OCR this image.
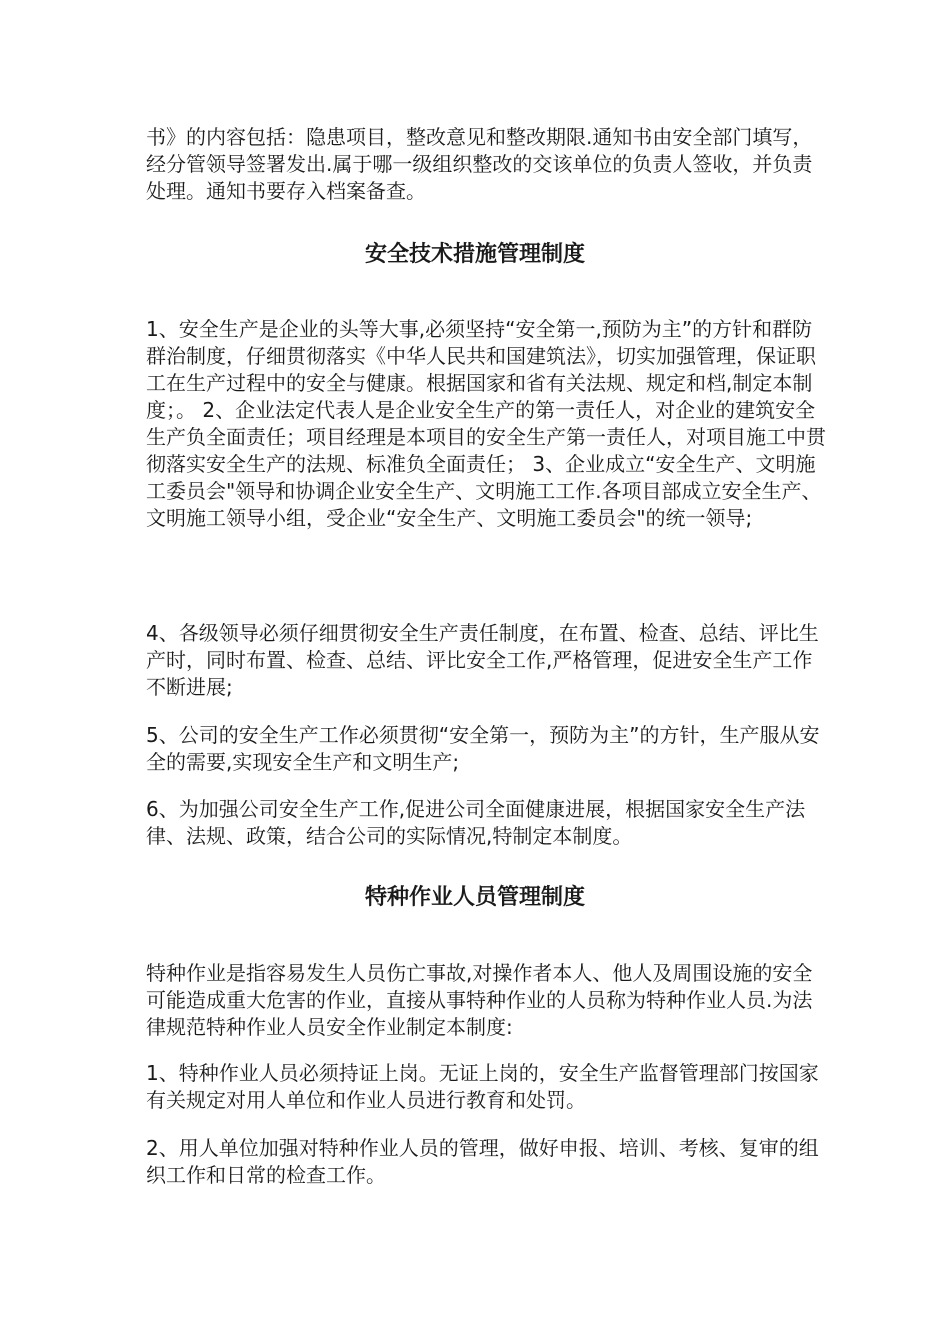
书》的内容包括：隐患项目，整改意见和整改期限.通知书由安全部门填写，经分管领导签署发出.属于哪一级组织整改的交该单位的负责人签收，并负责处理。通知书要存入档案备查。

安全技术措施管理制度

1、安全生产是企业的头等大事,必须坚持“安全第一,预防为主”的方针和群防群治制度，仔细贯彻落实《中华人民共和国建筑法》，切实加强管理，保证职工在生产过程中的安全与健康。根据国家和省有关法规、规定和档,制定本制度；。 2、企业法定代表人是企业安全生产的第一责任人，对企业的建筑安全生产负全面责任；项目经理是本项目的安全生产第一责任人，对项目施工中贯彻落实安全生产的法规、标准负全面责任； 3、企业成立“安全生产、文明施工委员会"领导和协调企业安全生产、文明施工工作.各项目部成立安全生产、文明施工领导小组，受企业“安全生产、文明施工委员会"的统一领导;

4、各级领导必须仔细贯彻安全生产责任制度，在布置、检查、总结、评比生产时，同时布置、检查、总结、评比安全工作,严格管理，促进安全生产工作不断进展;

5、公司的安全生产工作必须贯彻“安全第一，预防为主”的方针，生产服从安全的需要,实现安全生产和文明生产;

6、为加强公司安全生产工作,促进公司全面健康进展，根据国家安全生产法律、法规、政策，结合公司的实际情况,特制定本制度。

特种作业人员管理制度

特种作业是指容易发生人员伤亡事故,对操作者本人、他人及周围设施的安全可能造成重大危害的作业，直接从事特种作业的人员称为特种作业人员.为法律规范特种作业人员安全作业制定本制度:

1、特种作业人员必须持证上岗。无证上岗的，安全生产监督管理部门按国家有关规定对用人单位和作业人员进行教育和处罚。

2、用人单位加强对特种作业人员的管理，做好申报、培训、考核、复审的组织工作和日常的检查工作。
